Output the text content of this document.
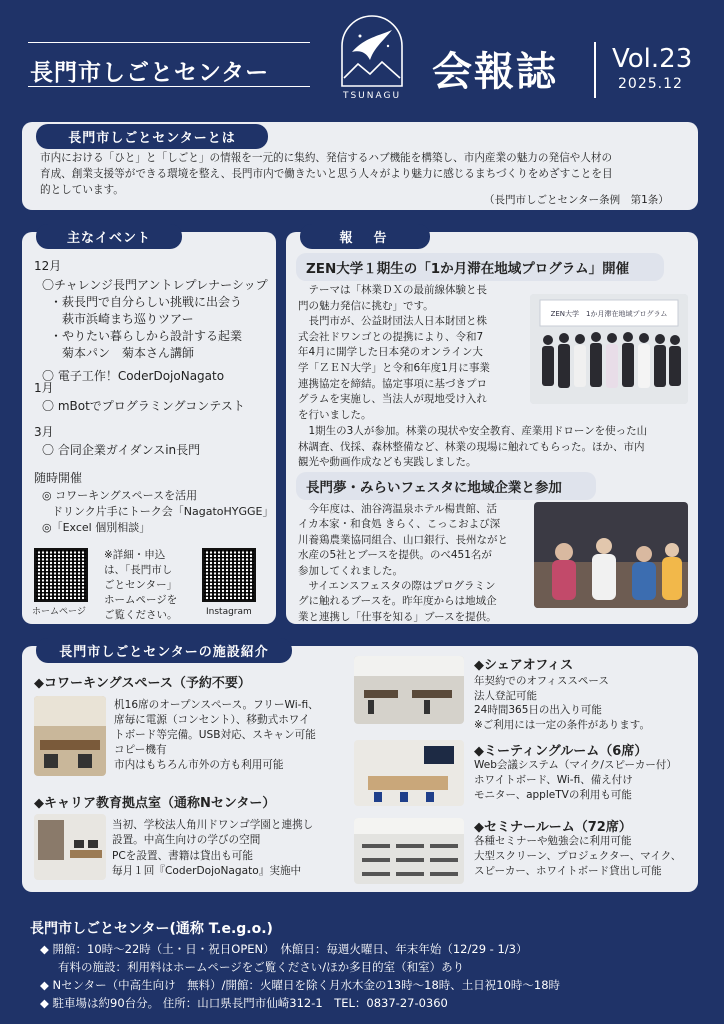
長門市しごとセンター
TSUNAGU
会報誌 Vol.23
2025.12
長門市しごとセンターとは
市内における「ひと」と「しごと」の情報を一元的に集約、発信するハブ機能を構築し、市内産業の魅力の発信や人材の
育成、創業支援等ができる環境を整え、長門市内で働きたいと思う人々がより魅力に感じるまちづくりをめざすことを目
的としています。
（長門市しごとセンター条例　第1条）
主なイベント
12月
〇チャレンジ長門アントレプレナーシップ
・萩長門で自分らしい挑戦に出会う
萩市浜崎まち巡りツアー
・やりたい暮らしから設計する起業
菊本パン　菊本さん講師
〇 電子工作！CoderDojoNagato
1月
〇 mBotでプログラミングコンテスト
3月
〇 合同企業ガイダンスin長門
随時開催
◎ コワーキングスペースを活用
ドリンク片手にトーク会「NagatoHYGGE」
◎「Excel 個別相談」
ホームページ
※詳細・申込
は、「長門市し
ごとセンター」
ホームページを
ご覧ください。	Instagram
報　告
ZEN大学１期生の「1か月滞在地域プログラム」開催
　テーマは「林業ＤＸの最前線体験と長
門の魅力発信に挑む」です。
　長門市が、公益財団法人日本財団と株
式会社ドワンゴとの提携により、令和7
年4月に開学した日本発のオンライン大
学「ＺＥＮ大学」と令和6年度1月に事業
連携協定を締結。協定事項に基づきプロ
グラムを実施し、当法人が現地受け入れ
を行いました。
ZEN大学　1か月滞在地域プログラム
　1期生の3人が参加。林業の現状や安全教育、産業用ドローンを使った山
林調査、伐採、森林整備など、林業の現場に触れてもらった。ほか、市内
観光や動画作成なども実践しました。
長門夢・みらいフェスタに地域企業と参加
　今年度は、油谷湾温泉ホテル楊貴館、活
イカ本家・和食処 きらく、こっこおよび深
川養鶏農業協同組合、山口銀行、長州ながと
水産の5社とブースを提供。のべ451名が
参加してくれました。
　サイエンスフェスタの際はプログラミン
グに触れるブースを。昨年度からは地域企
業と連携し「仕事を知る」ブースを提供。
長門市しごとセンターの施設紹介
◆コワーキングスペース（予約不要）
机16席のオープンスペース。フリーWi-fi、
席毎に電源（コンセント）、移動式ホワイ
トボード等完備。USB対応、スキャン可能
コピー機有
市内はもちろん市外の方も利用可能
◆キャリア教育拠点室（通称Nセンター）
当初、学校法人角川ドワンゴ学園と連携し
設置。中高生向けの学びの空間
PCを設置、書籍は貸出も可能
毎月１回『CoderDojoNagato』実施中
◆シェアオフィス
年契約でのオフィススペース
法人登記可能
24時間365日の出入り可能
※ご利用には一定の条件があります。
◆ミーティングルーム（6席）
Web会議システム（マイク/スピーカー付）
ホワイトボード、Wi-fi、備え付け
モニター、appleTVの利用も可能
◆セミナールーム（72席）
各種セミナーや勉強会に利用可能
大型スクリーン、プロジェクター、マイク、
スピーカー、ホワイトボード貸出し可能
長門市しごとセンター(通称 T.e.g.o.)
◆ 開館：10時〜22時（土・日・祝日OPEN）　休館日：毎週火曜日、年末年始（12/29 - 1/3）
有料の施設：利用料はホームページをご覧ください/ほか多目的室（和室）あり
◆ Nセンター（中高生向け　無料）/開館：火曜日を除く月水木金の13時〜18時、土日祝10時〜18時
◆ 駐車場は約90台分。 住所：山口県長門市仙崎312-1　TEL：0837-27-0360
